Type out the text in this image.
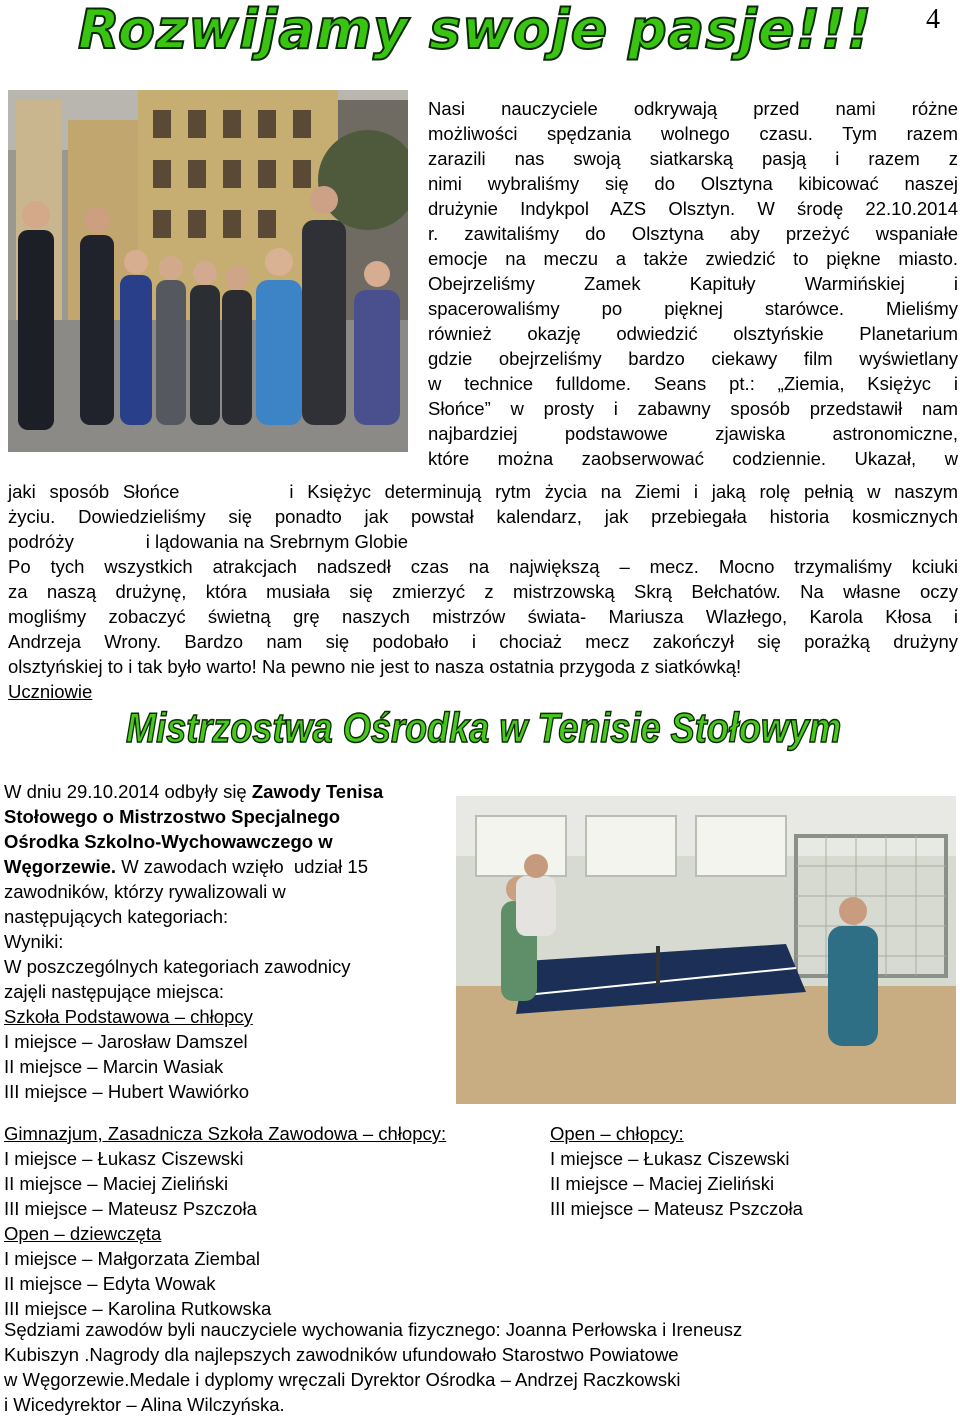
Rozwijamy swoje pasje!!! 4
Nasi nauczyciele odkrywają przed nami różne
możliwości spędzania wolnego czasu. Tym razem
zarazili nas swoją siatkarską pasją i razem z
nimi wybraliśmy się do Olsztyna kibicować naszej
drużynie Indykpol AZS Olsztyn. W środę 22.10.2014
r. zawitaliśmy do Olsztyna aby przeżyć wspaniałe
emocje na meczu a także zwiedzić to piękne miasto.
Obejrzeliśmy Zamek Kapituły Warmińskiej i
spacerowaliśmy po pięknej starówce. Mieliśmy
również okazję odwiedzić olsztyńskie Planetarium
gdzie obejrzeliśmy bardzo ciekawy film wyświetlany
w technice fulldome. Seans pt.: „Ziemia, Księżyc i
Słońce” w prosty i zabawny sposób przedstawił nam
najbardziej podstawowe zjawiska astronomiczne,
które można zaobserwować codziennie. Ukazał, w
jaki sposób Słońce        i Księżyc determinują rytm życia na Ziemi i jaką rolę pełnią w naszym
życiu. Dowiedzieliśmy się ponadto jak powstał kalendarz, jak przebiegała historia kosmicznych
podróży              i lądowania na Srebrnym Globie
Po tych wszystkich atrakcjach nadszedł czas na największą – mecz. Mocno trzymaliśmy kciuki
za naszą drużynę, która musiała się zmierzyć z mistrzowską Skrą Bełchatów. Na własne oczy
mogliśmy zobaczyć świetną grę naszych mistrzów świata- Mariusza Wlazłego, Karola Kłosa i
Andrzeja Wrony. Bardzo nam się podobało i chociaż mecz zakończył się porażką drużyny
olsztyńskiej to i tak było warto! Na pewno nie jest to nasza ostatnia przygoda z siatkówką!
Uczniowie
Mistrzostwa Ośrodka w Tenisie Stołowym
W dniu 29.10.2014 odbyły się Zawody Tenisa
Stołowego o Mistrzostwo Specjalnego
Ośrodka Szkolno-Wychowawczego w
Węgorzewie. W zawodach wzięło  udział 15
zawodników, którzy rywalizowali w
następujących kategoriach:
Wyniki:
W poszczególnych kategoriach zawodnicy
zajęli następujące miejsca:
Szkoła Podstawowa – chłopcy
I miejsce – Jarosław Damszel
II miejsce – Marcin Wasiak
III miejsce – Hubert Wawiórko
Gimnazjum, Zasadnicza Szkoła Zawodowa – chłopcy:
I miejsce – Łukasz Ciszewski
II miejsce – Maciej Zieliński
III miejsce – Mateusz Pszczoła
Open – dziewczęta
I miejsce – Małgorzata Ziembal
II miejsce – Edyta Wowak
III miejsce – Karolina Rutkowska
Open – chłopcy:
I miejsce – Łukasz Ciszewski
II miejsce – Maciej Zieliński
III miejsce – Mateusz Pszczoła
Sędziami zawodów byli nauczyciele wychowania fizycznego: Joanna Perłowska i Ireneusz
Kubiszyn .Nagrody dla najlepszych zawodników ufundowało Starostwo Powiatowe
w Węgorzewie.Medale i dyplomy wręczali Dyrektor Ośrodka – Andrzej Raczkowski
i Wicedyrektor – Alina Wilczyńska.
